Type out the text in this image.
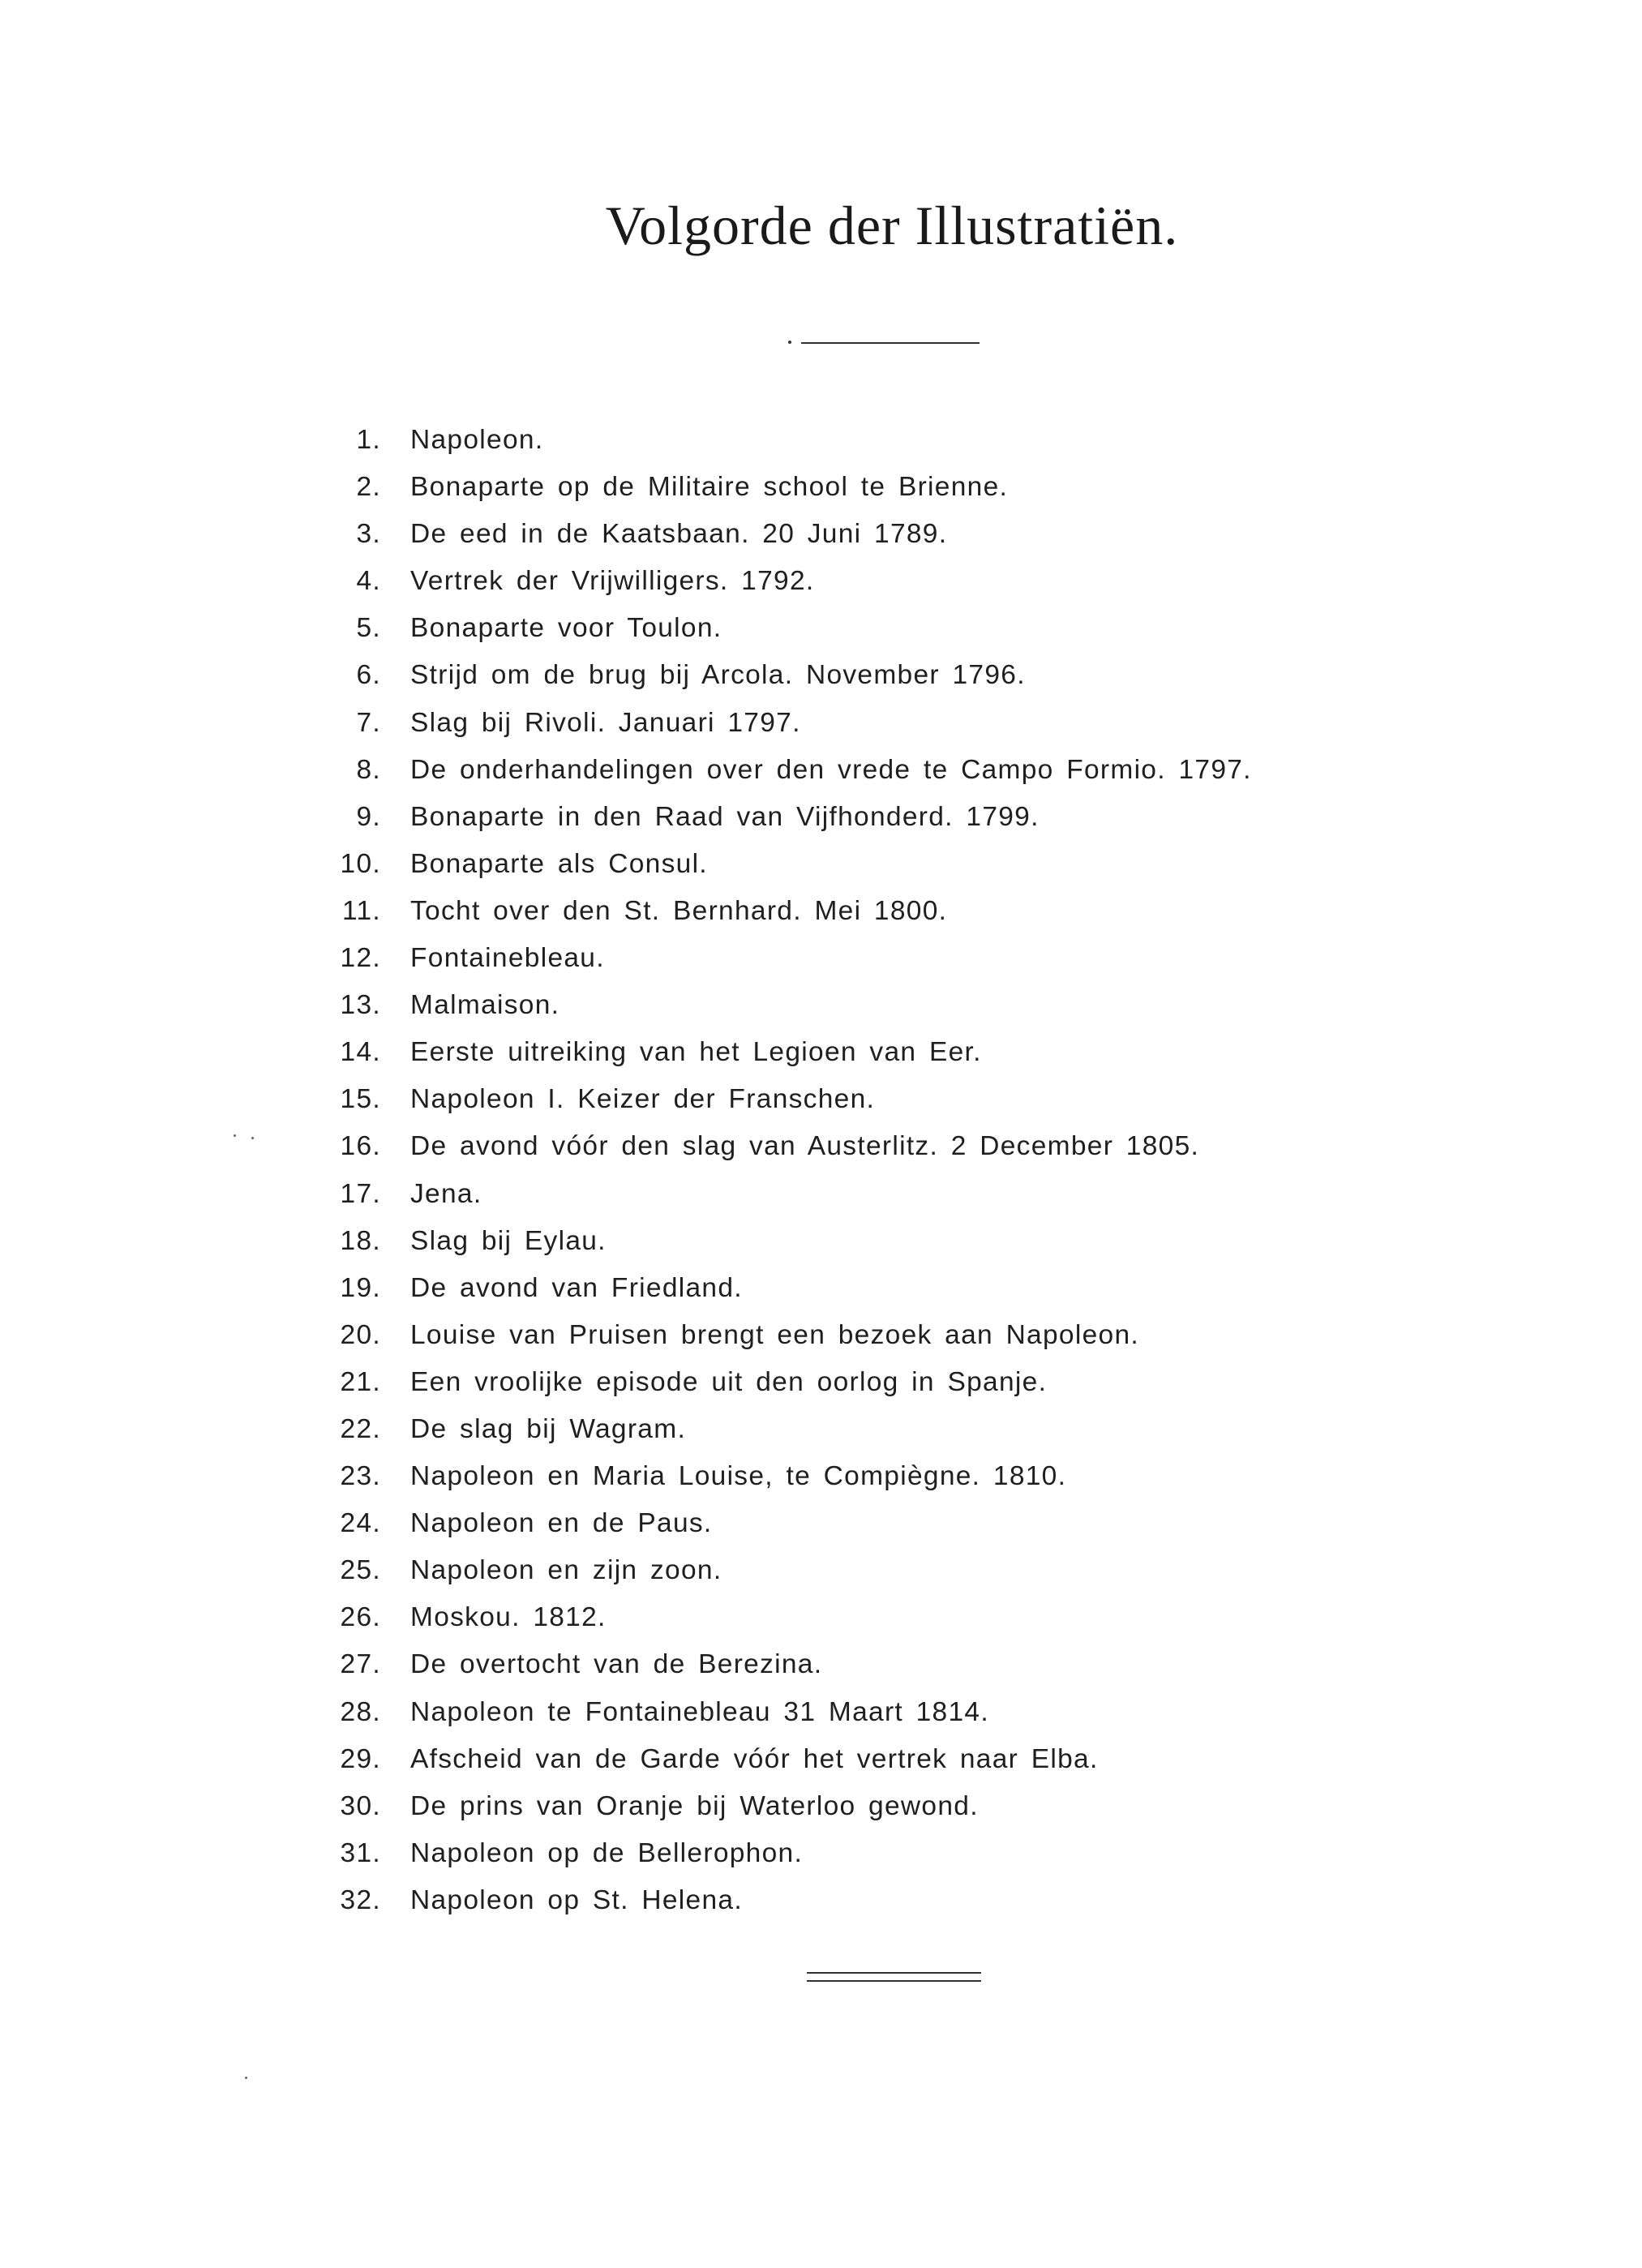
Volgorde der Illustratiën.
1. Napoleon.
2. Bonaparte op de Militaire school te Brienne.
3. De eed in de Kaatsbaan. 20 Juni 1789.
4. Vertrek der Vrijwilligers. 1792.
5. Bonaparte voor Toulon.
6. Strijd om de brug bij Arcola. November 1796.
7. Slag bij Rivoli. Januari 1797.
8. De onderhandelingen over den vrede te Campo Formio. 1797.
9. Bonaparte in den Raad van Vijfhonderd. 1799.
10. Bonaparte als Consul.
11. Tocht over den St. Bernhard. Mei 1800.
12. Fontainebleau.
13. Malmaison.
14. Eerste uitreiking van het Legioen van Eer.
15. Napoleon I. Keizer der Franschen.
16. De avond vóór den slag van Austerlitz. 2 December 1805.
17. Jena.
18. Slag bij Eylau.
19. De avond van Friedland.
20. Louise van Pruisen brengt een bezoek aan Napoleon.
21. Een vroolijke episode uit den oorlog in Spanje.
22. De slag bij Wagram.
23. Napoleon en Maria Louise, te Compiègne. 1810.
24. Napoleon en de Paus.
25. Napoleon en zijn zoon.
26. Moskou. 1812.
27. De overtocht van de Berezina.
28. Napoleon te Fontainebleau 31 Maart 1814.
29. Afscheid van de Garde vóór het vertrek naar Elba.
30. De prins van Oranje bij Waterloo gewond.
31. Napoleon op de Bellerophon.
32. Napoleon op St. Helena.
